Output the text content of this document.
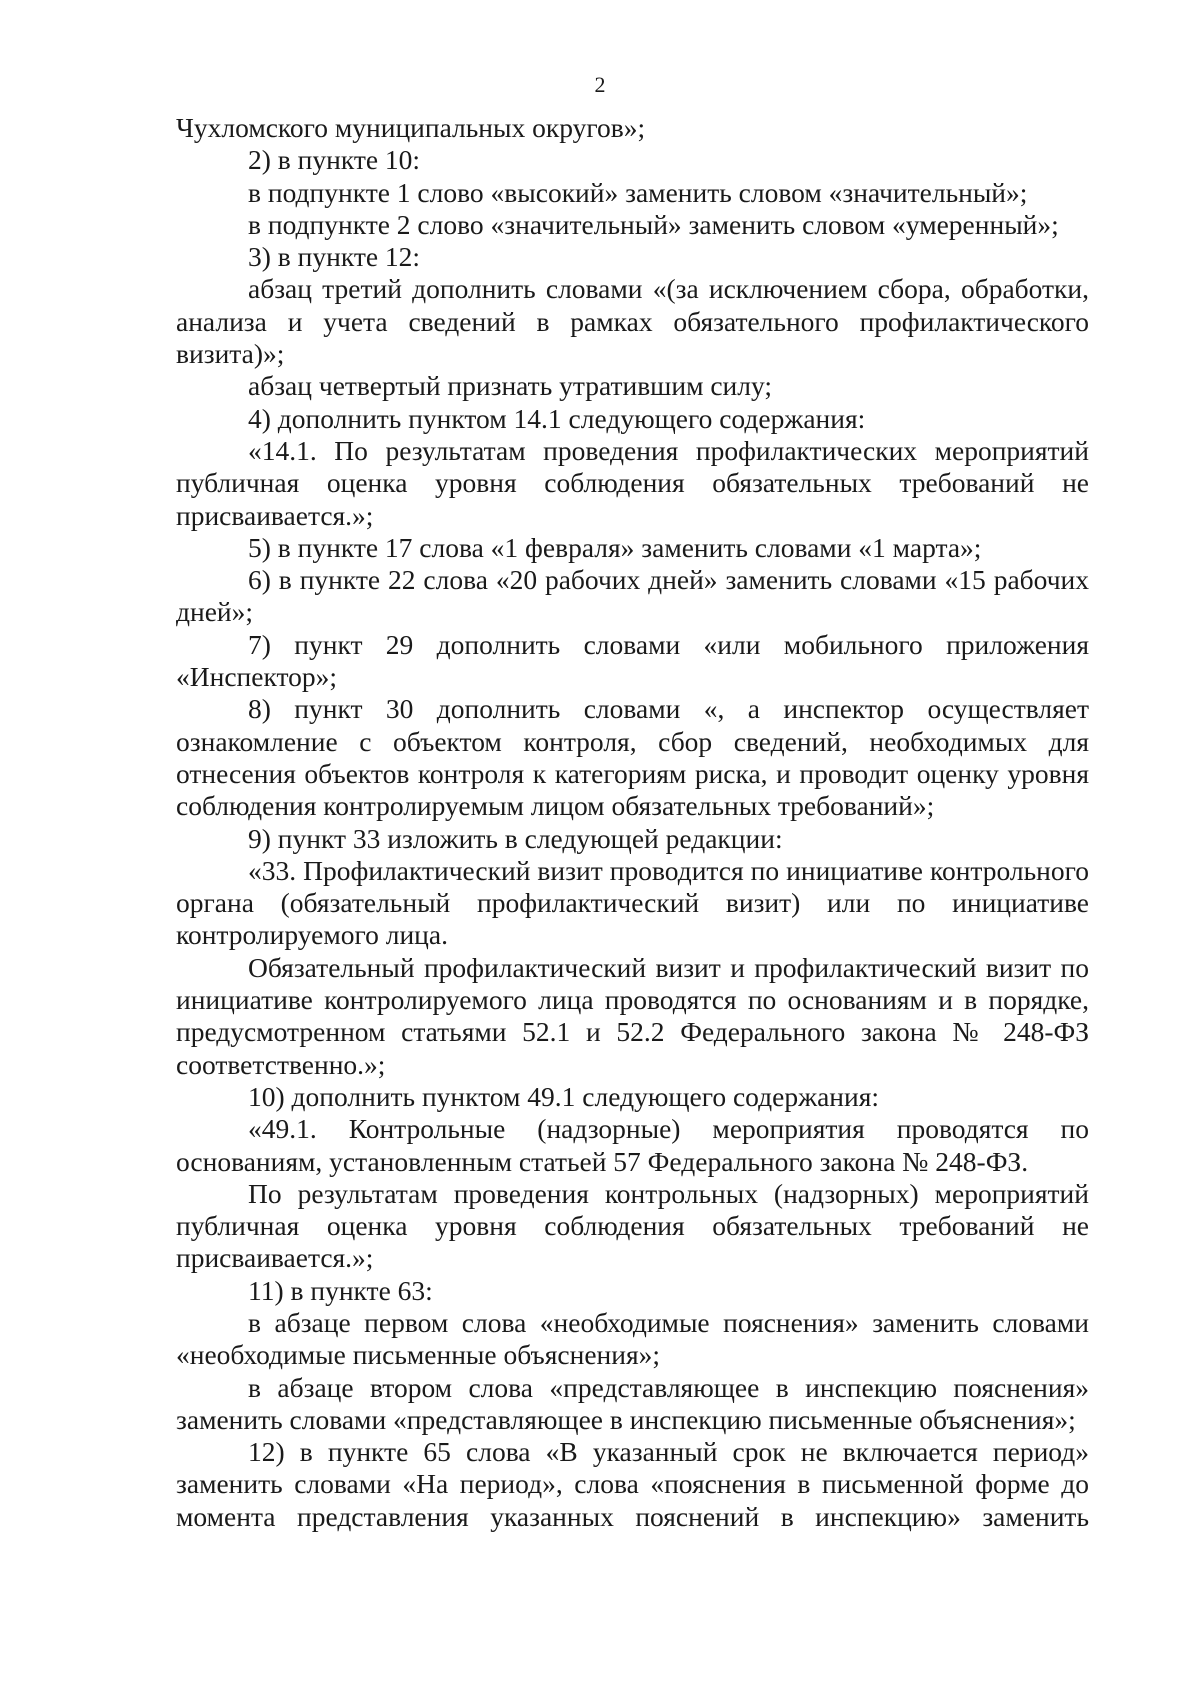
2

Чухломского муниципальных округов»;

2) в пункте 10:

в подпункте 1 слово «высокий» заменить словом «значительный»;

в подпункте 2 слово «значительный» заменить словом «умеренный»;

3) в пункте 12:

абзац третий дополнить словами «(за исключением сбора, обработки, анализа и учета сведений в рамках обязательного профилактического визита)»;

абзац четвертый признать утратившим силу;

4) дополнить пунктом 14.1 следующего содержания:

«14.1. По результатам проведения профилактических мероприятий публичная оценка уровня соблюдения обязательных требований не присваивается.»;

5) в пункте 17 слова «1 февраля» заменить словами «1 марта»;

6) в пункте 22 слова «20 рабочих дней» заменить словами «15 рабочих дней»;

7) пункт 29 дополнить словами «или мобильного приложения «Инспектор»;

8) пункт 30 дополнить словами «, а инспектор осуществляет ознакомление с объектом контроля, сбор сведений, необходимых для отнесения объектов контроля к категориям риска, и проводит оценку уровня соблюдения контролируемым лицом обязательных требований»;

9) пункт 33 изложить в следующей редакции:

«33. Профилактический визит проводится по инициативе контрольного органа (обязательный профилактический визит) или по инициативе контролируемого лица.

Обязательный профилактический визит и профилактический визит по инициативе контролируемого лица проводятся по основаниям и в порядке, предусмотренном статьями 52.1 и 52.2 Федерального закона № 248-ФЗ соответственно.»;

10) дополнить пунктом 49.1 следующего содержания:

«49.1. Контрольные (надзорные) мероприятия проводятся по основаниям, установленным статьей 57 Федерального закона № 248-ФЗ.

По результатам проведения контрольных (надзорных) мероприятий публичная оценка уровня соблюдения обязательных требований не присваивается.»;

11) в пункте 63:

в абзаце первом слова «необходимые пояснения» заменить словами «необходимые письменные объяснения»;

в абзаце втором слова «представляющее в инспекцию пояснения» заменить словами «представляющее в инспекцию письменные объяснения»;

12) в пункте 65 слова «В указанный срок не включается период» заменить словами «На период», слова «пояснения в письменной форме до момента представления указанных пояснений в инспекцию» заменить
